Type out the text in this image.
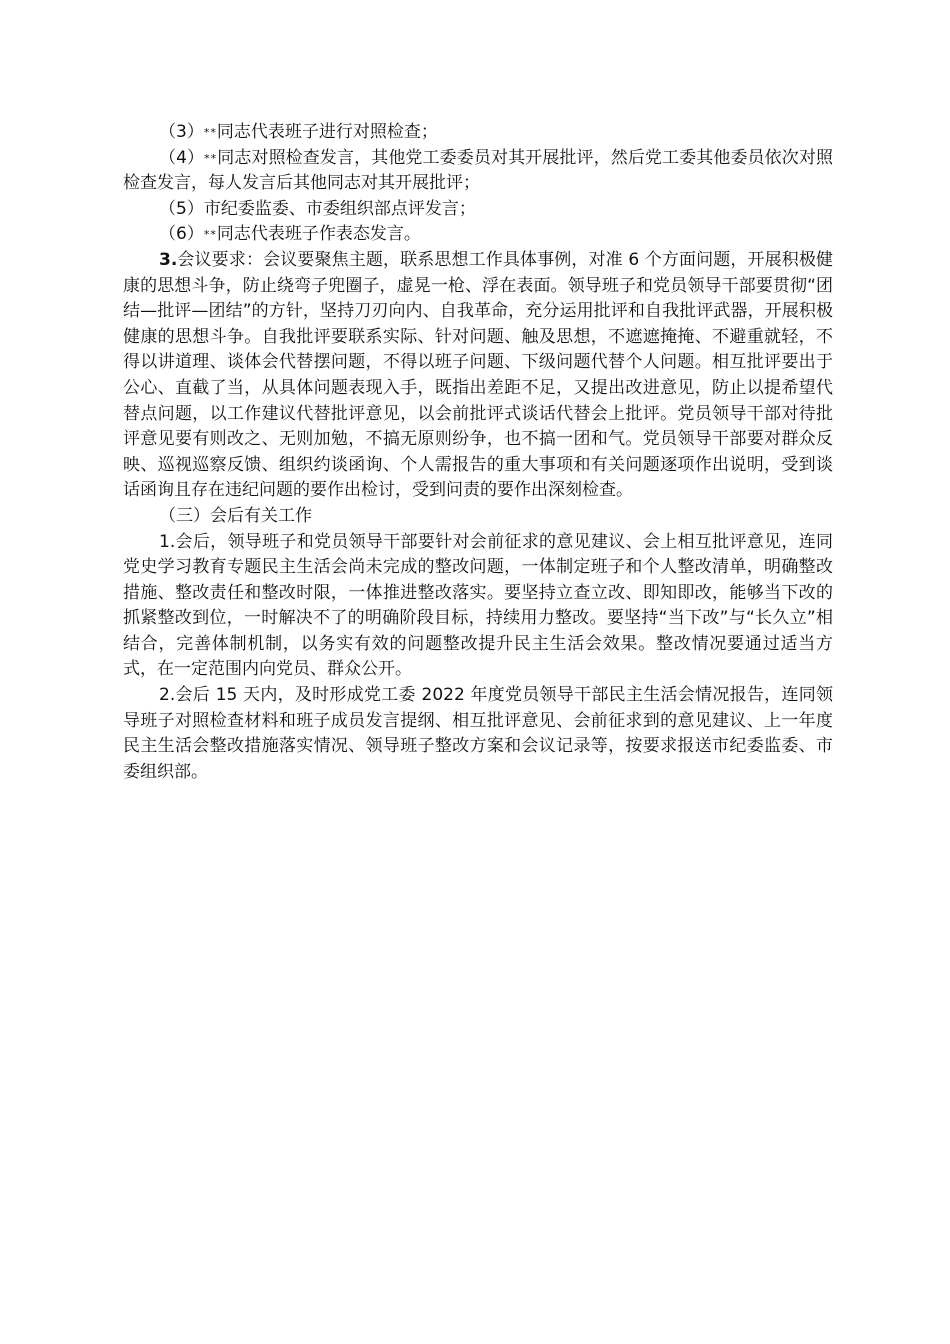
（3）**同志代表班子进行对照检查；

（4）**同志对照检查发言，其他党工委委员对其开展批评，然后党工委其他委员依次对照检查发言，每人发言后其他同志对其开展批评；

（5）市纪委监委、市委组织部点评发言；

（6）**同志代表班子作表态发言。

3.会议要求：会议要聚焦主题，联系思想工作具体事例，对准 6 个方面问题，开展积极健康的思想斗争，防止绕弯子兜圈子，虚晃一枪、浮在表面。领导班子和党员领导干部要贯彻“团结—批评—团结”的方针，坚持刀刃向内、自我革命，充分运用批评和自我批评武器，开展积极健康的思想斗争。自我批评要联系实际、针对问题、触及思想，不遮遮掩掩、不避重就轻，不得以讲道理、谈体会代替摆问题，不得以班子问题、下级问题代替个人问题。相互批评要出于公心、直截了当，从具体问题表现入手，既指出差距不足，又提出改进意见，防止以提希望代替点问题，以工作建议代替批评意见，以会前批评式谈话代替会上批评。党员领导干部对待批评意见要有则改之、无则加勉，不搞无原则纷争，也不搞一团和气。党员领导干部要对群众反映、巡视巡察反馈、组织约谈函询、个人需报告的重大事项和有关问题逐项作出说明，受到谈话函询且存在违纪问题的要作出检讨，受到问责的要作出深刻检查。

（三）会后有关工作

1.会后，领导班子和党员领导干部要针对会前征求的意见建议、会上相互批评意见，连同党史学习教育专题民主生活会尚未完成的整改问题，一体制定班子和个人整改清单，明确整改措施、整改责任和整改时限，一体推进整改落实。要坚持立查立改、即知即改，能够当下改的抓紧整改到位，一时解决不了的明确阶段目标，持续用力整改。要坚持“当下改”与“长久立”相结合，完善体制机制，以务实有效的问题整改提升民主生活会效果。整改情况要通过适当方式，在一定范围内向党员、群众公开。

2.会后 15 天内，及时形成党工委 2022 年度党员领导干部民主生活会情况报告，连同领导班子对照检查材料和班子成员发言提纲、相互批评意见、会前征求到的意见建议、上一年度民主生活会整改措施落实情况、领导班子整改方案和会议记录等，按要求报送市纪委监委、市委组织部。
